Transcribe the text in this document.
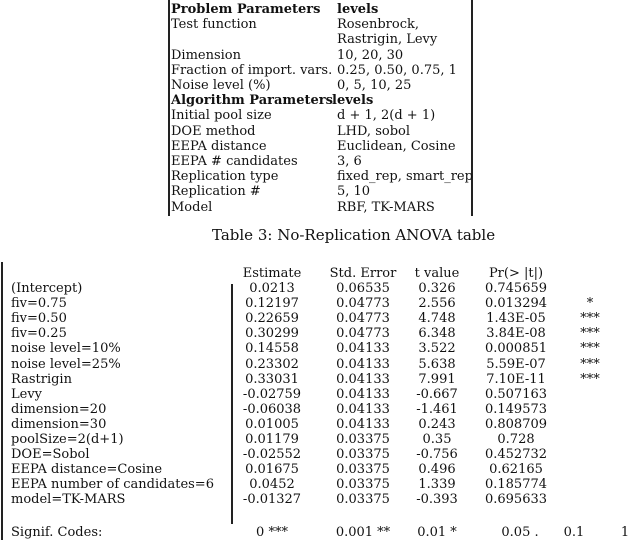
Problem Parameters levels
Test function	Rosenbrock,
Rastrigin, Levy
Dimension	10, 20, 30
Fraction of import. vars. 0.25, 0.50, 0.75, 1
Noise level (%)	0, 5, 10, 25
Algorithm Parameters levels
Initial pool size	d + 1, 2(d + 1)
DOE method	LHD, sobol
EEPA distance	Euclidean, Cosine
EEPA # candidates	3, 6
Replication type	fixed_rep, smart_rep
Replication #	5, 10
Model	RBF, TK-MARS
Table 3: No-Replication ANOVA table
Estimate Std. Error t value Pr(> |t|)
(Intercept)	0.0213	0.06535 0.326 0.745659
fiv=0.75	0.12197	0.04773 2.556 0.013294	*
fiv=0.50	0.22659	0.04773 4.748 1.43E-05	***
fiv=0.25	0.30299	0.04773 6.348 3.84E-08	***
noise level=10%	0.14558	0.04133 3.522 0.000851	***
noise level=25%	0.23302	0.04133 5.638 5.59E-07	***
Rastrigin	0.33031	0.04133 7.991 7.10E-11	***
Levy	-0.02759	0.04133 -0.667 0.507163
dimension=20	-0.06038	0.04133 -1.461 0.149573
dimension=30	0.01005	0.04133 0.243 0.808709
poolSize=2(d+1)	0.01179	0.03375	0.35	0.728
DOE=Sobol	-0.02552	0.03375 -0.756 0.452732
EEPA distance=Cosine	0.01675	0.03375 0.496	0.62165
EEPA number of candidates=6	0.0452	0.03375 1.339 0.185774
model=TK-MARS	-0.01327	0.03375 -0.393 0.695633
Signif. Codes:	0 ***	0.001 ** 0.01 *	0.05 . 0.1	1
